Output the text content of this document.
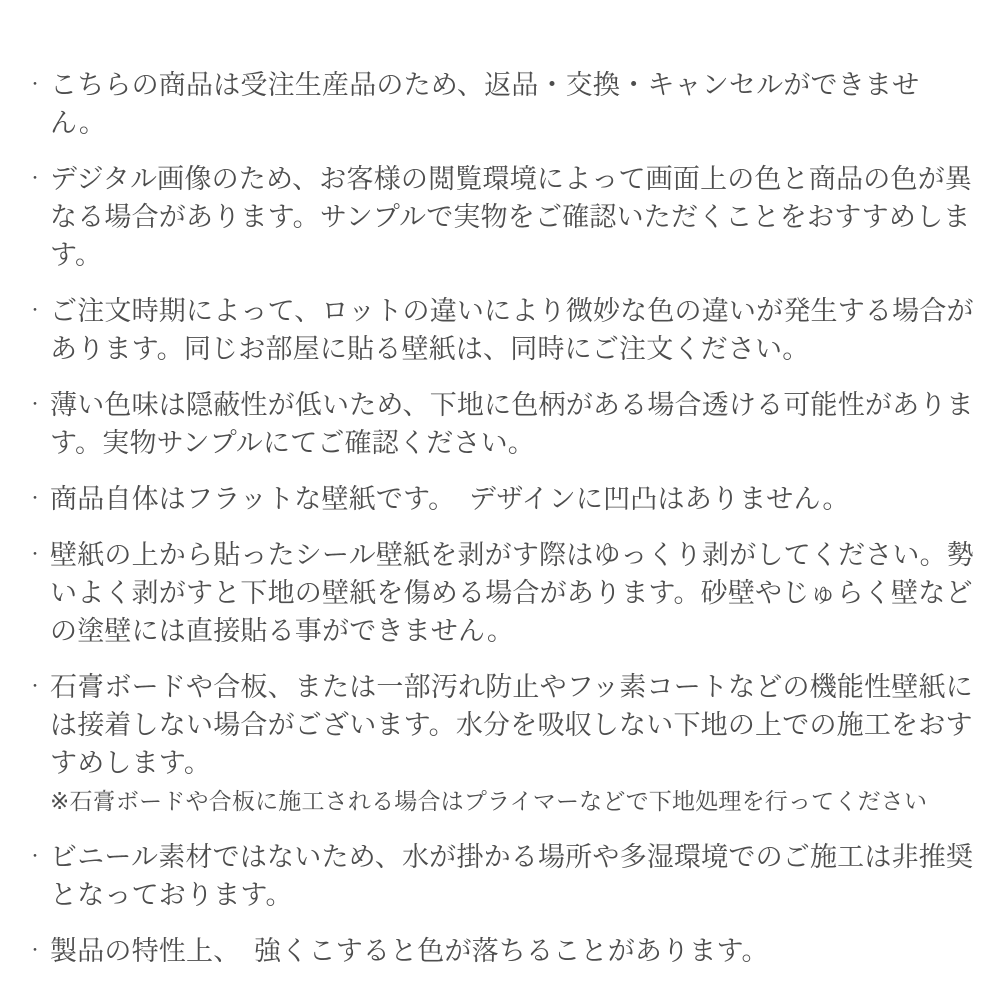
・ こちらの商品は受注生産品のため、返品・交換・キャンセルができません。

・ デジタル画像のため、お客様の閲覧環境によって画面上の色と商品の色が異なる場合があります。サンプルで実物をご確認いただくことをおすすめします。

・ ご注文時期によって、ロットの違いにより微妙な色の違いが発生する場合があります。同じお部屋に貼る壁紙は、同時にご注文ください。

・ 薄い色味は隠蔽性が低いため、下地に色柄がある場合透ける可能性があります。実物サンプルにてご確認ください。

・ 商品自体はフラットな壁紙です。　デザインに凹凸はありません。

・ 壁紙の上から貼ったシール壁紙を剥がす際はゆっくり剥がしてください。勢いよく剥がすと下地の壁紙を傷める場合があります。砂壁やじゅらく壁などの塗壁には直接貼る事ができません。

・ 石膏ボードや合板、または一部汚れ防止やフッ素コートなどの機能性壁紙には接着しない場合がございます。水分を吸収しない下地の上での施工をおすすめします。

※石膏ボードや合板に施工される場合はプライマーなどで下地処理を行ってください

・ ビニール素材ではないため、水が掛かる場所や多湿環境でのご施工は非推奨となっております。

・ 製品の特性上、　強くこすると色が落ちることがあります。
